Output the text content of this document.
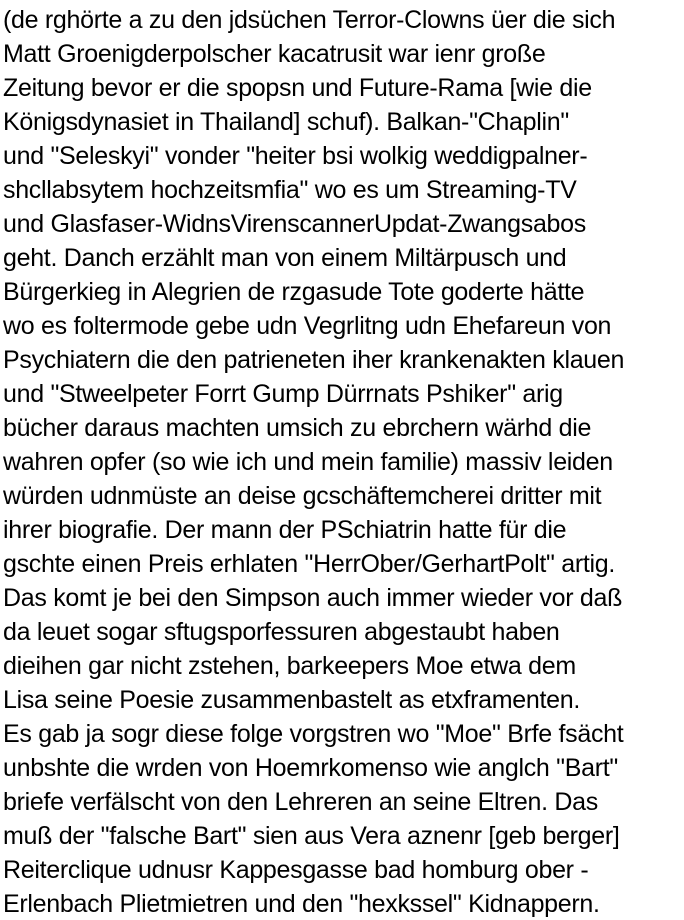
(de rghörte a zu den jdsüchen Terror-Clowns üer die sich
Matt Groenigderpolscher kacatrusit war ienr große
Zeitung bevor er die spopsn und Future-Rama [wie die
Königsdynasiet in Thailand] schuf). Balkan-"Chaplin"
und "Seleskyi" vonder "heiter bsi wolkig weddigpalner-
shcllabsytem hochzeitsmfia" wo es um Streaming-TV
und Glasfaser-WidnsVirenscannerUpdat-Zwangsabos
geht. Danch erzählt man von einem Miltärpusch und
Bürgerkieg in Alegrien de rzgasude Tote goderte hätte
wo es foltermode gebe udn Vegrlitng udn Ehefareun von
Psychiatern die den patrieneten iher krankenakten klauen
und "Stweelpeter Forrt Gump Dürrnats Pshiker" arig
bücher daraus machten umsich zu ebrchern wärhd die
wahren opfer (so wie ich und mein familie) massiv leiden
würden udnmüste an deise gcschäftemcherei dritter mit
ihrer biografie. Der mann der PSchiatrin hatte für die
gschte einen Preis erhlaten "HerrOber/GerhartPolt" artig.
Das komt je bei den Simpson auch immer wieder vor daß
da leuet sogar sftugsporfessuren abgestaubt haben
dieihen gar nicht zstehen, barkeepers Moe etwa dem
Lisa seine Poesie zusammenbastelt as etxframenten.
Es gab ja sogr diese folge vorgstren wo "Moe" Brfe fsächt
unbshte die wrden von Hoemrkomenso wie anglch "Bart"
briefe verfälscht von den Lehreren an seine Eltren. Das
muß der "falsche Bart" sien aus Vera aznenr [geb berger]
Reiterclique udnusr Kappesgasse bad homburg ober -
Erlenbach Plietmietren und den "hexkssel" Kidnappern.
